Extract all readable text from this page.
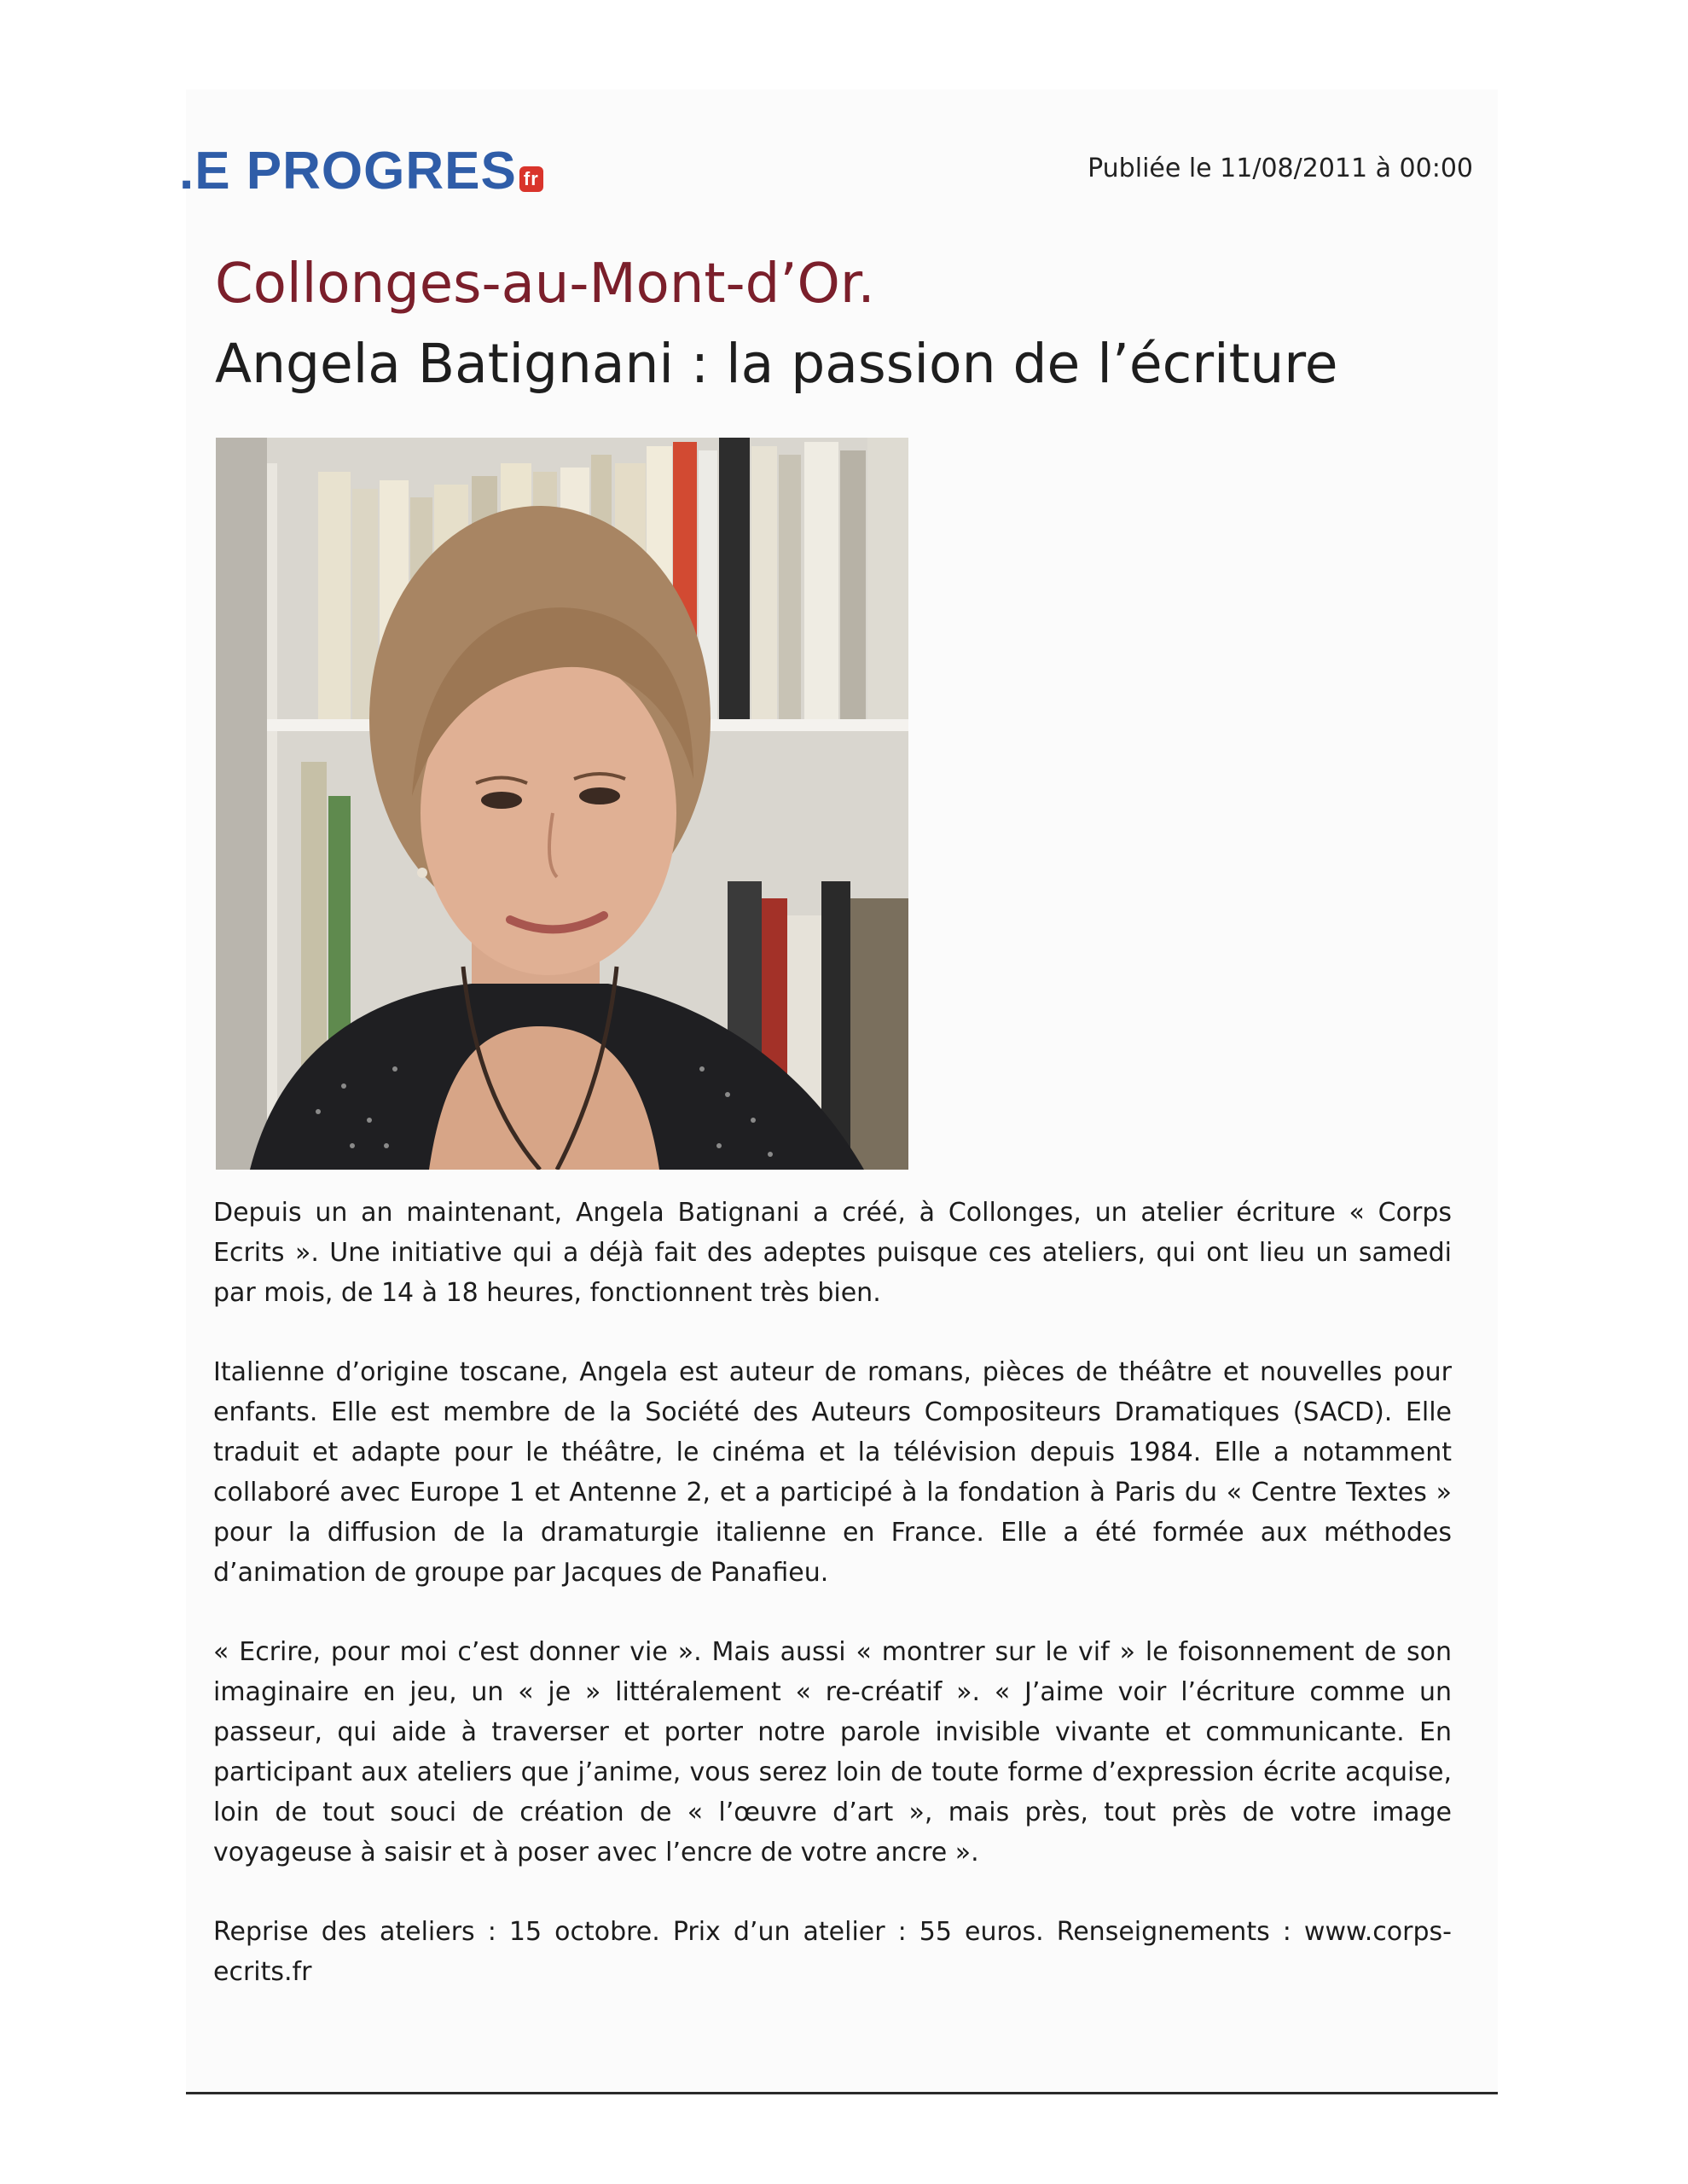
.E PROGRES fr	Publiée le 11/08/2011 à 00:00
Collonges-au-Mont-d’Or.
Angela Batignani : la passion de l’écriture

Depuis un an maintenant, Angela Batignani a créé, à Collonges, un atelier écriture « Corps Ecrits ». Une initiative qui a déjà fait des adeptes puisque ces ateliers, qui ont lieu un samedi par mois, de 14 à 18 heures, fonctionnent très bien.

Italienne d’origine toscane, Angela est auteur de romans, pièces de théâtre et nouvelles pour enfants. Elle est membre de la Société des Auteurs Compositeurs Dramatiques (SACD). Elle traduit et adapte pour le théâtre, le cinéma et la télévision depuis 1984. Elle a notamment collaboré avec Europe 1 et Antenne 2, et a participé à la fondation à Paris du « Centre Textes » pour la diffusion de la dramaturgie italienne en France. Elle a été formée aux méthodes d’animation de groupe par Jacques de Panafieu.

« Ecrire, pour moi c’est donner vie ». Mais aussi « montrer sur le vif » le foisonnement de son imaginaire en jeu, un « je » littéralement « re-créatif ». « J’aime voir l’écriture comme un passeur, qui aide à traverser et porter notre parole invisible vivante et communicante. En participant aux ateliers que j’anime, vous serez loin de toute forme d’expression écrite acquise, loin de tout souci de création de « l’œuvre d’art », mais près, tout près de votre image voyageuse à saisir et à poser avec l’encre de votre ancre ».

Reprise des ateliers : 15 octobre. Prix d’un atelier : 55 euros. Renseignements : www.corps-ecrits.fr
